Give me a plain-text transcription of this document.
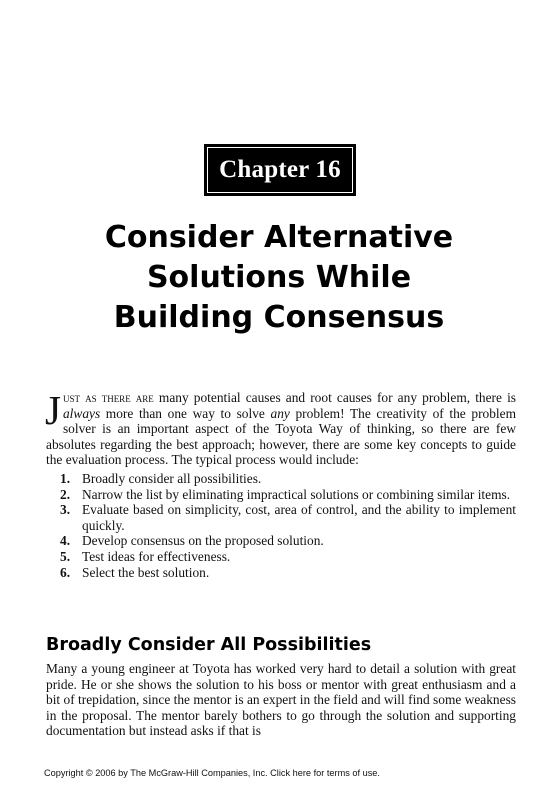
Chapter 16
Consider Alternative
Solutions While
Building Consensus

Just as there are many potential causes and root causes for any problem, there is always more than one way to solve any problem! The creativity of the problem solver is an important aspect of the Toyota Way of thinking, so there are few absolutes regarding the best approach; however, there are some key concepts to guide the evaluation process. The typical process would include:

1. Broadly consider all possibilities.
2. Narrow the list by eliminating impractical solutions or combining similar items.
3. Evaluate based on simplicity, cost, area of control, and the ability to implement quickly.
4. Develop consensus on the proposed solution.
5. Test ideas for effectiveness.
6. Select the best solution.
Broadly Consider All Possibilities

Many a young engineer at Toyota has worked very hard to detail a solution with great pride. He or she shows the solution to his boss or mentor with great enthusiasm and a bit of trepidation, since the mentor is an expert in the field and will find some weakness in the proposal. The mentor barely bothers to go through the solution and supporting documentation but instead asks if that is

Copyright © 2006 by The McGraw-Hill Companies, Inc. Click here for terms of use.
